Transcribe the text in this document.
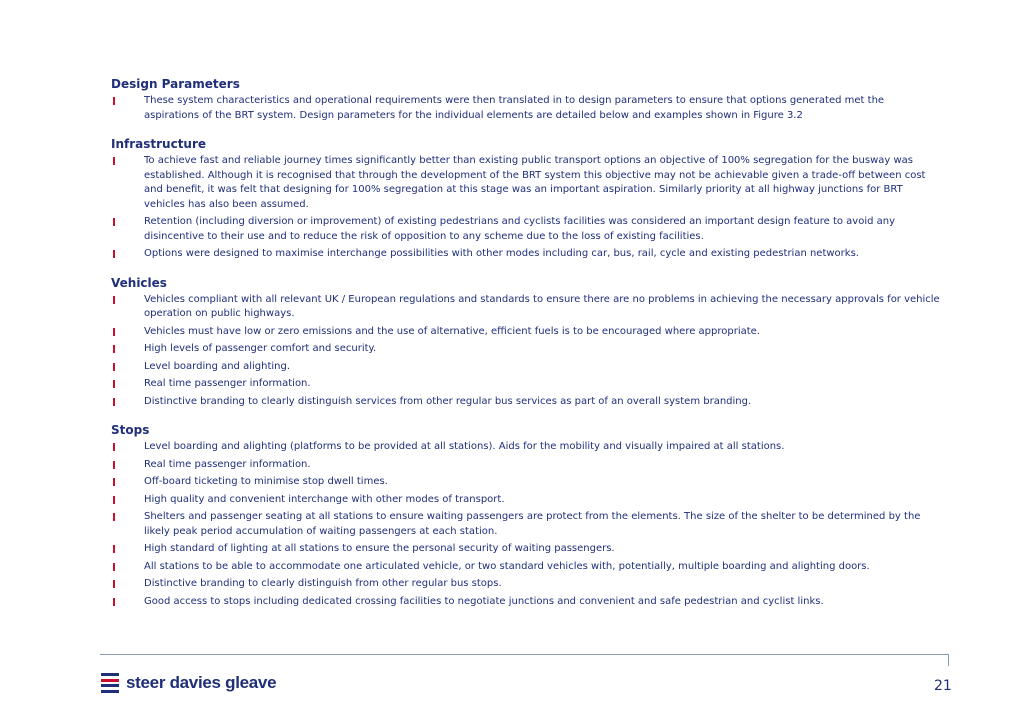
Design Parameters
These system characteristics and operational requirements were then translated in to design parameters to ensure that options generated met the aspirations of the BRT system. Design parameters for the individual elements are detailed below and examples shown in Figure 3.2
Infrastructure
To achieve fast and reliable journey times significantly better than existing public transport options an objective of 100% segregation for the busway was established. Although it is recognised that through the development of the BRT system this objective may not be achievable given a trade-off between cost and benefit, it was felt that designing for 100% segregation at this stage was an important aspiration. Similarly priority at all highway junctions for BRT vehicles has also been assumed.
Retention (including diversion or improvement) of existing pedestrians and cyclists facilities was considered an important design feature to avoid any disincentive to their use and to reduce the risk of opposition to any scheme due to the loss of existing facilities.
Options were designed to maximise interchange possibilities with other modes including car, bus, rail, cycle and existing pedestrian networks.
Vehicles
Vehicles compliant with all relevant UK / European regulations and standards to ensure there are no problems in achieving the necessary approvals for vehicle operation on public highways.
Vehicles must have low or zero emissions and the use of alternative, efficient fuels is to be encouraged where appropriate.
High levels of passenger comfort and security.
Level boarding and alighting.
Real time passenger information.
Distinctive branding to clearly distinguish services from other regular bus services as part of an overall system branding.
Stops
Level boarding and alighting (platforms to be provided at all stations). Aids for the mobility and visually impaired at all stations.
Real time passenger information.
Off-board ticketing to minimise stop dwell times.
High quality and convenient interchange with other modes of transport.
Shelters and passenger seating at all stations to ensure waiting passengers are protect from the elements. The size of the shelter to be determined by the likely peak period accumulation of waiting passengers at each station.
High standard of lighting at all stations to ensure the personal security of waiting passengers.
All stations to be able to accommodate one articulated vehicle, or two standard vehicles with, potentially, multiple boarding and alighting doors.
Distinctive branding to clearly distinguish from other regular bus stops.
Good access to stops including dedicated crossing facilities to negotiate junctions and convenient and safe pedestrian and cyclist links.
steer davies gleave	21
